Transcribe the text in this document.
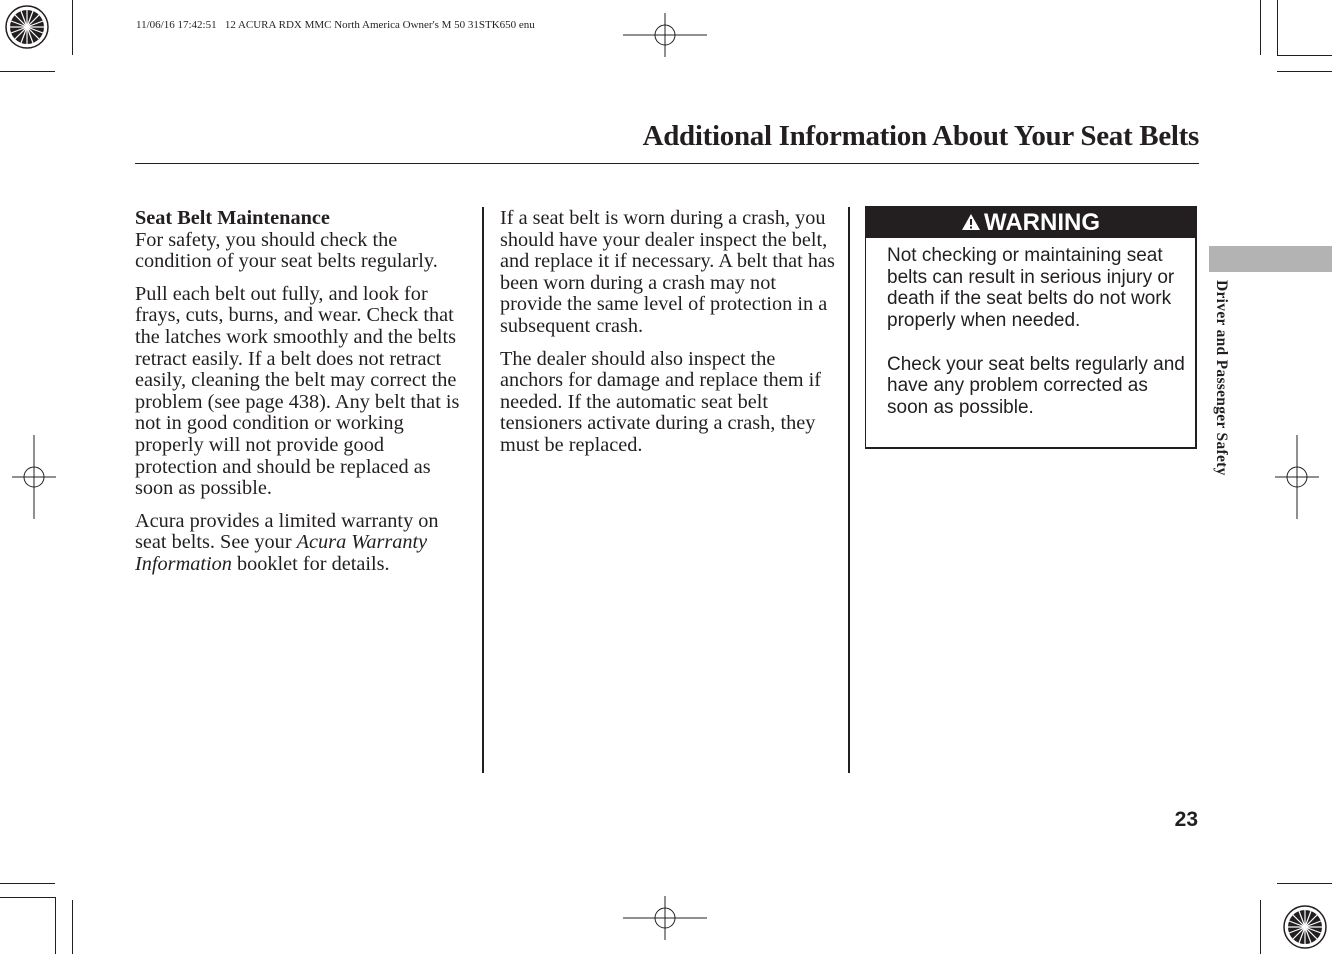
11/06/16 17:42:51   12 ACURA RDX MMC North America Owner's M 50 31STK650 enu
Additional Information About Your Seat Belts

Seat Belt Maintenance
For safety, you should check the condition of your seat belts regularly.

Pull each belt out fully, and look for frays, cuts, burns, and wear. Check that the latches work smoothly and the belts retract easily. If a belt does not retract easily, cleaning the belt may correct the problem (see page 438). Any belt that is not in good condition or working properly will not provide good protection and should be replaced as soon as possible.

Acura provides a limited warranty on seat belts. See your Acura Warranty Information booklet for details.

If a seat belt is worn during a crash, you should have your dealer inspect the belt, and replace it if necessary. A belt that has been worn during a crash may not provide the same level of protection in a subsequent crash.

The dealer should also inspect the anchors for damage and replace them if needed. If the automatic seat belt tensioners activate during a crash, they must be replaced.

WARNING

Not checking or maintaining seat belts can result in serious injury or death if the seat belts do not work properly when needed.

Check your seat belts regularly and have any problem corrected as soon as possible.	Driver and Passenger Safety
23
